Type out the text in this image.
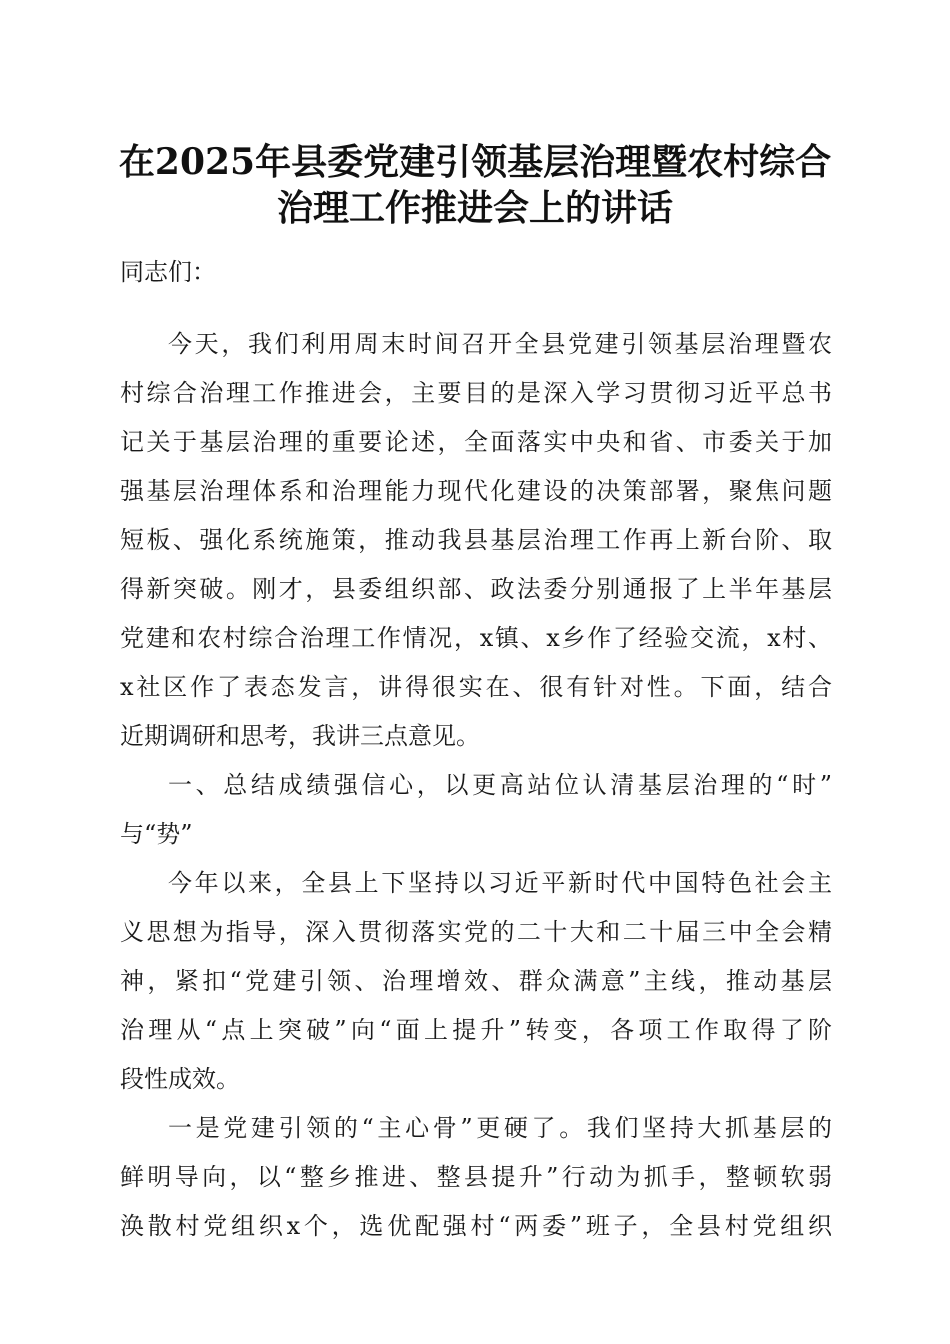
在2025年县委党建引领基层治理暨农村综合
治理工作推进会上的讲话
同志们：
今天，我们利用周末时间召开全县党建引领基层治理暨农
村综合治理工作推进会，主要目的是深入学习贯彻习近平总书
记关于基层治理的重要论述，全面落实中央和省、市委关于加
强基层治理体系和治理能力现代化建设的决策部署，聚焦问题
短板、强化系统施策，推动我县基层治理工作再上新台阶、取
得新突破。刚才，县委组织部、政法委分别通报了上半年基层
党建和农村综合治理工作情况，x镇、x乡作了经验交流，x村、
x社区作了表态发言，讲得很实在、很有针对性。下面，结合
近期调研和思考，我讲三点意见。
一、总结成绩强信心，以更高站位认清基层治理的“时”
与“势”
今年以来，全县上下坚持以习近平新时代中国特色社会主
义思想为指导，深入贯彻落实党的二十大和二十届三中全会精
神，紧扣“党建引领、治理增效、群众满意”主线，推动基层
治理从“点上突破”向“面上提升”转变，各项工作取得了阶
段性成效。
一是党建引领的“主心骨”更硬了。我们坚持大抓基层的
鲜明导向，以“整乡推进、整县提升”行动为抓手，整顿软弱
涣散村党组织x个，选优配强村“两委”班子，全县村党组织
